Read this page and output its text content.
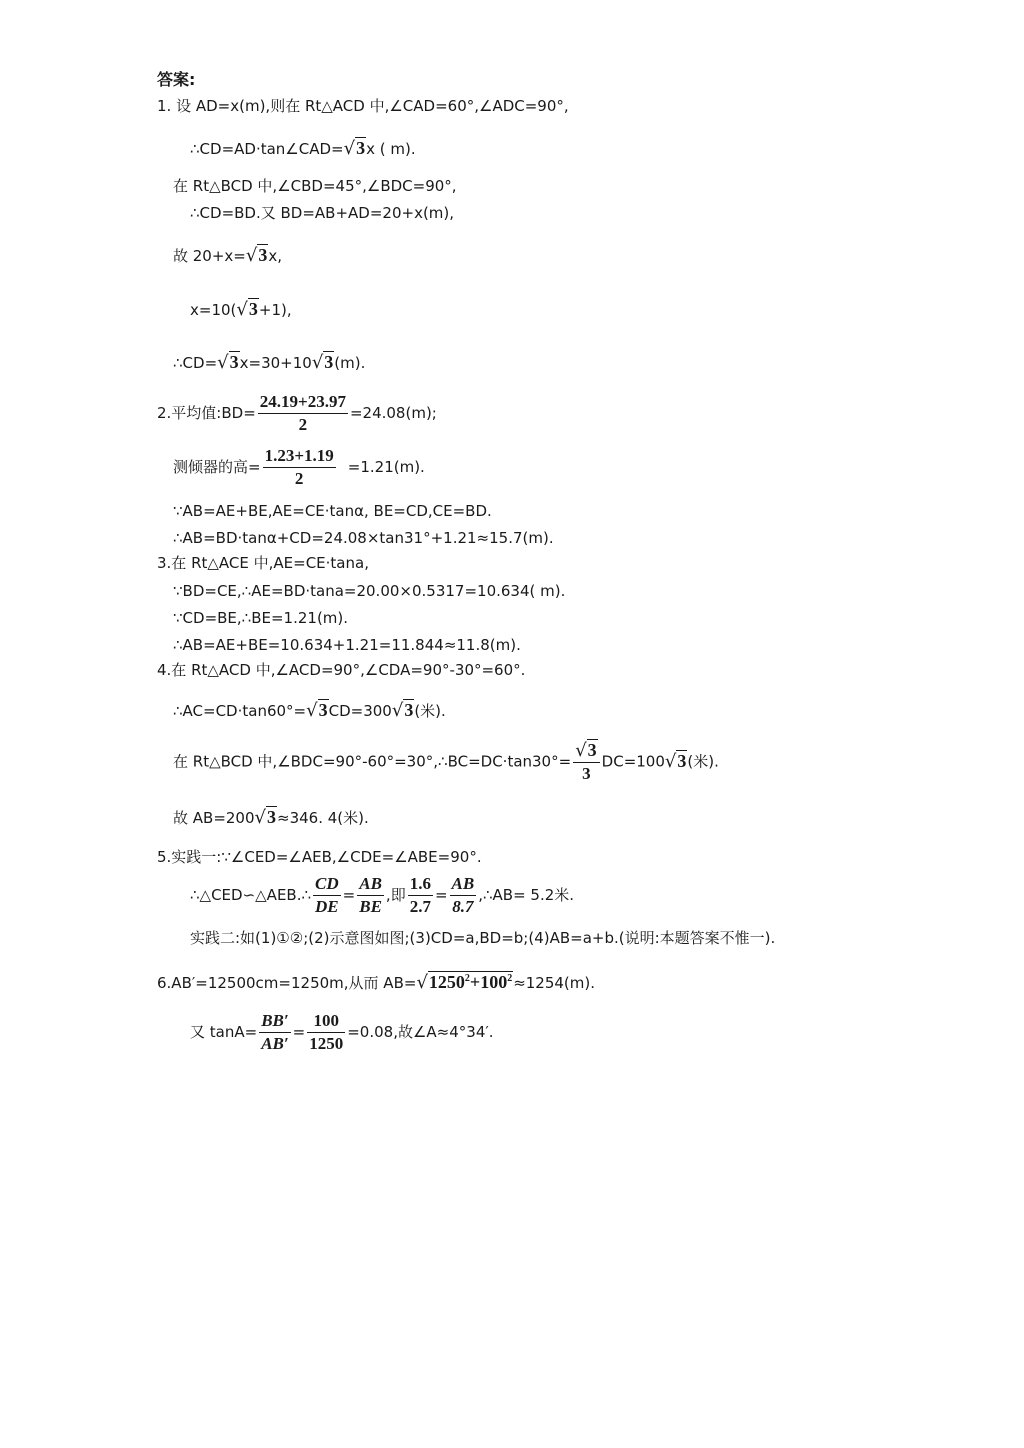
答案:
1. 设 AD=x(m),则在 Rt△ACD 中,∠CAD=60°,∠ADC=90°,
∴CD=AD·tan∠CAD=√3x ( m).
在 Rt△BCD 中,∠CBD=45°,∠BDC=90°,
∴CD=BD.又 BD=AB+AD=20+x(m),
故 20+x=√3x,
x=10(√3+1),
∴CD=√3x=30+10√3(m).
2.平均值:BD= $\frac{24.19+23.97}{2} =24.08(m)$;
测倾器的高= $\frac{1.23+1.19}{2} =1.21(m)$.
∵AB=AE+BE,AE=CE·tanα, BE=CD,CE=BD.
∴AB=BD·tanα+CD=24.08×tan31°+1.21≈15.7(m).
3.在 Rt△ACE 中,AE=CE·tana,
∵BD=CE,∴AE=BD·tana=20.00×0.5317=10.634( m).
∵CD=BE,∴BE=1.21(m).
∴AB=AE+BE=10.634+1.21=11.844≈11.8(m).
4.在 Rt△ACD 中,∠ACD=90°,∠CDA=90°-30°=60°.
∴AC=CD·tan60°=√3CD=300√3(米).
在 Rt△BCD 中,∠BDC=90°-60°=30°,∴BC=DC·tan30°= $\frac{√3}{3} DC=100√3$(米).
故 AB=200√3≈346. 4(米).
5.实践一:∵∠CED=∠AEB,∠CDE=∠ABE=90°.
∴△CED∽△AEB.∴ $\frac{CD}{DE} = \frac{AB}{BE}$ ,即 $\frac{1.6}{2.7} = \frac{AB}{8.7}$ ,∴AB= 5.2米.
实践二:如(1)①②;(2)示意图如图;(3)CD=a,BD=b;(4)AB=a+b.(说明:本题答案不惟一).
6.AB′=12500cm=1250m,从而 $AB=√1250^2+100^2\approx 1254(m)$.
又 $\tan A= \frac{BB'}{AB'} = \frac{100}{1250} =0.08$,故∠A≈4°34′.
